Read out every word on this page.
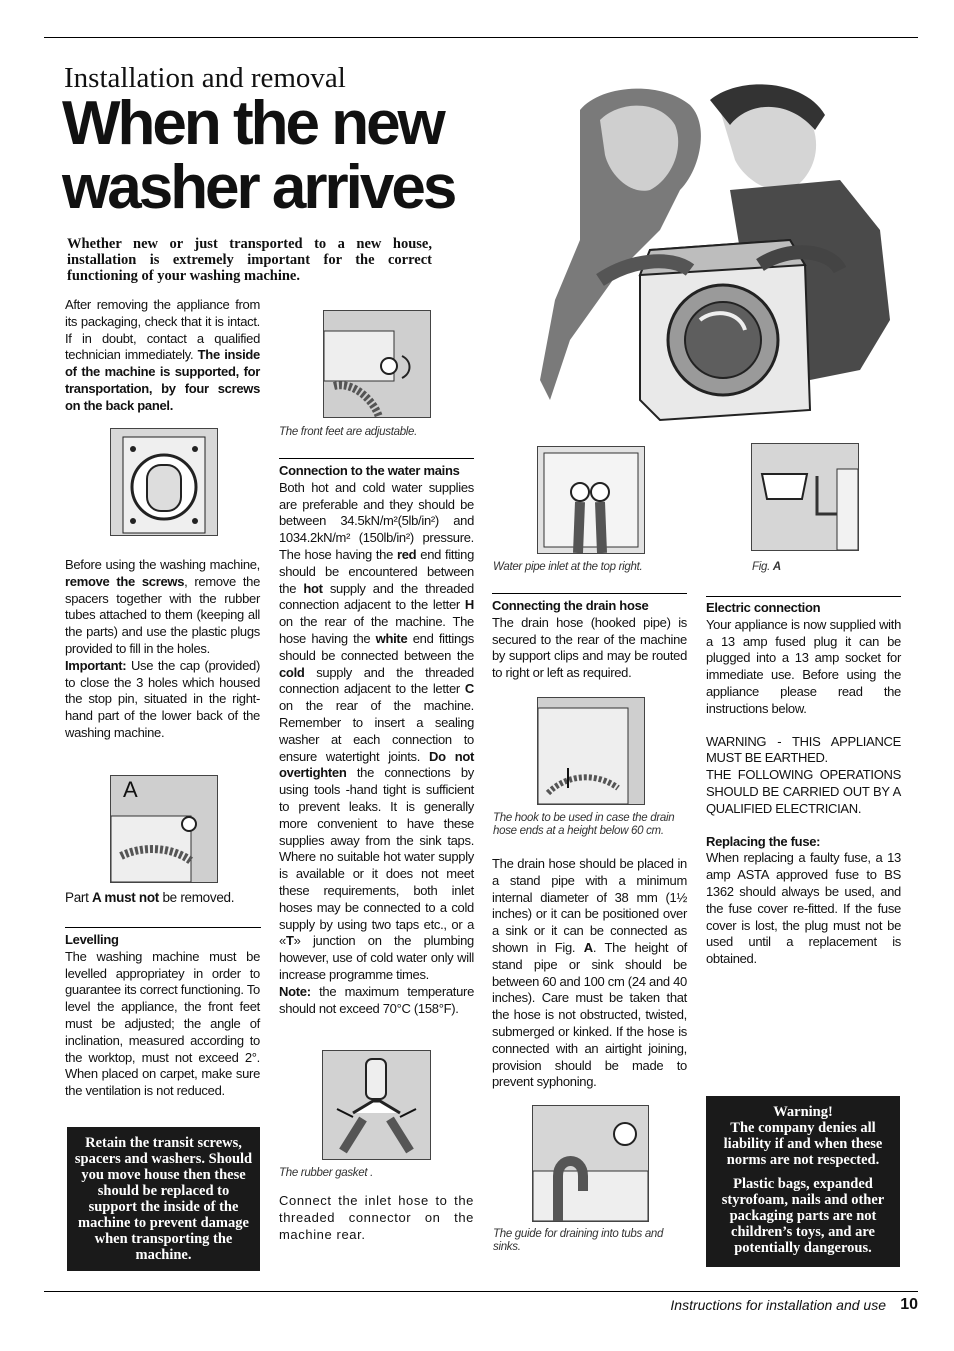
Installation and removal
When the new
washer arrives
Whether new or just transported to a new house, installation is extremely important for the correct functioning of your washing machine.

After removing the appliance from its packaging, check that it is intact. If in doubt, contact a qualified technician immediately. The inside of the machine is supported, for transportation, by four screws on the back panel.

Before using the washing machine, remove the screws, remove the spacers together with the rubber tubes attached to them (keeping all the parts) and use the plastic plugs provided to fill in the holes.

Important: Use the cap (provided) to close the 3 holes which housed the stop pin, situated in the right-hand part of the lower back of the washing machine.

A

Part A must not be removed.

Levelling

The washing machine must be levelled appropriatey in order to guarantee its correct functioning. To level the appliance, the front feet must be adjusted; the angle of inclination, measured according to the worktop, must not exceed 2°. When placed on carpet, make sure the ventilation is not reduced.

Retain the transit screws, spacers and washers. Should you move house then these should be replaced to support the inside of the machine to prevent damage when transporting the machine.
The front feet are adjustable.

Connection to the water mains

Both hot and cold water supplies are preferable and they should be between 34.5kN/m²(5lb/in²) and 1034.2kN/m² (150lb/in²) pressure. The hose having the red end fitting should be encountered between the hot supply and the threaded connection adjacent to the letter H on the rear of the machine. The hose having the white end fittings should be connected between the cold supply and the threaded connection adjacent to the letter C on the rear of the machine. Remember to insert a sealing washer at each connection to ensure watertight joints. Do not overtighten the connections by using tools -hand tight is sufficient to prevent leaks. It is generally more convenient to have these supplies away from the sink taps. Where no suitable hot water supply is available or it does not meet these requirements, both inlet hoses may be connected to a cold supply by using two taps etc., or a «T» junction on the plumbing however, use of cold water only will increase programme times.

Note: the maximum temperature should not exceed 70°C (158°F).

The rubber gasket .
Connect the inlet hose to the threaded connector on the machine rear.
Water pipe inlet at the top right.

Connecting the drain hose

The drain hose (hooked pipe) is secured to the rear of the machine by support clips and may be routed to right or left as required.

The hook to be used in case the drain hose ends at a height below 60 cm.

The drain hose should be placed in a stand pipe with a minimum internal diameter of 38 mm (1½ inches) or it can be positioned over a sink or it can be connected as shown in Fig. A. The height of stand pipe or sink should be between 60 and 100 cm (24 and 40 inches). Care must be taken that the hose is not obstructed, twisted, submerged or kinked. If the hose is connected with an airtight joining, provision should be made to prevent syphoning.

The guide for draining into tubs and sinks.
Fig. A

Electric connection

Your appliance is now supplied with a 13 amp fused plug it can be plugged into a 13 amp socket for immediate use. Before using the appliance please read the instructions below.

WARNING - THIS APPLIANCE MUST BE EARTHED.

THE FOLLOWING OPERATIONS SHOULD BE CARRIED OUT BY A QUALIFIED ELECTRICIAN.

Replacing the fuse:

When replacing a faulty fuse, a 13 amp ASTA approved fuse to BS 1362 should always be used, and the fuse cover re-fitted. If the fuse cover is lost, the plug must not be used until a replacement is obtained.

Warning!
The company denies all liability if and when these norms are not respected.
Plastic bags, expanded styrofoam, nails and other packaging parts are not children’s toys, and are potentially dangerous.
Instructions for installation and use 10
